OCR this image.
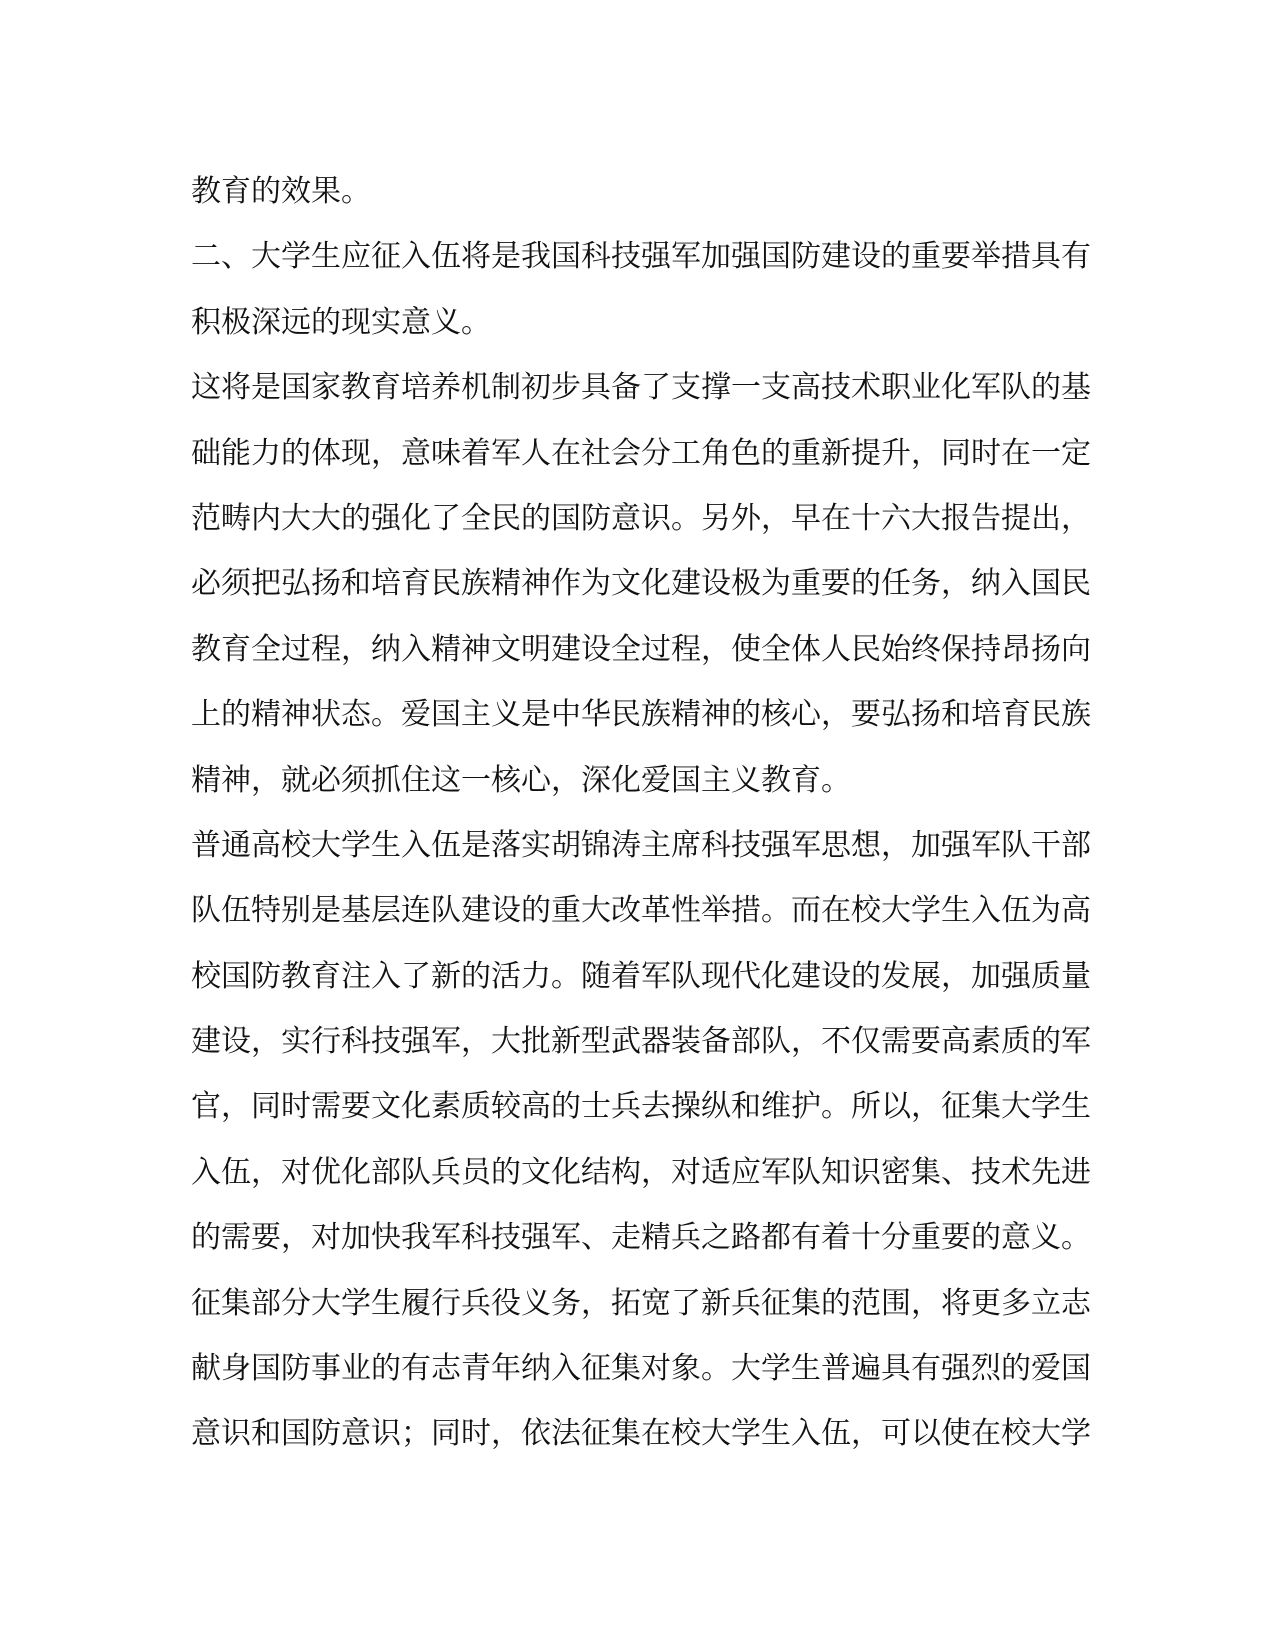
教育的效果。
二、大学生应征入伍将是我国科技强军加强国防建设的重要举措具有
积极深远的现实意义。
这将是国家教育培养机制初步具备了支撑一支高技术职业化军队的基
础能力的体现，意味着军人在社会分工角色的重新提升，同时在一定
范畴内大大的强化了全民的国防意识。另外，早在十六大报告提出，
必须把弘扬和培育民族精神作为文化建设极为重要的任务，纳入国民
教育全过程，纳入精神文明建设全过程，使全体人民始终保持昂扬向
上的精神状态。爱国主义是中华民族精神的核心，要弘扬和培育民族
精神，就必须抓住这一核心，深化爱国主义教育。
普通高校大学生入伍是落实胡锦涛主席科技强军思想，加强军队干部
队伍特别是基层连队建设的重大改革性举措。而在校大学生入伍为高
校国防教育注入了新的活力。随着军队现代化建设的发展，加强质量
建设，实行科技强军，大批新型武器装备部队，不仅需要高素质的军
官，同时需要文化素质较高的士兵去操纵和维护。所以，征集大学生
入伍，对优化部队兵员的文化结构，对适应军队知识密集、技术先进
的需要，对加快我军科技强军、走精兵之路都有着十分重要的意义。
征集部分大学生履行兵役义务，拓宽了新兵征集的范围，将更多立志
献身国防事业的有志青年纳入征集对象。大学生普遍具有强烈的爱国
意识和国防意识；同时，依法征集在校大学生入伍，可以使在校大学
